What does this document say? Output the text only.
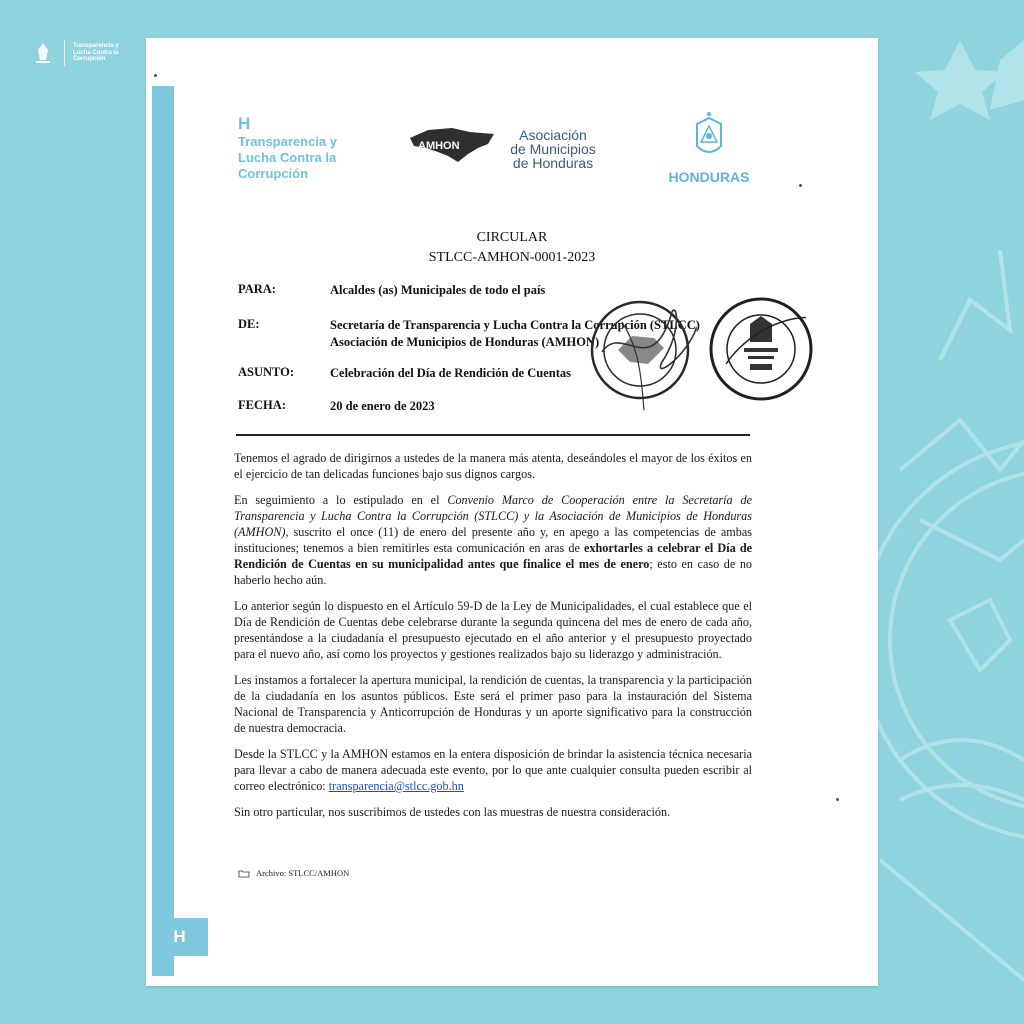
Transparencia y Lucha Contra la Corrupción
H
H
Transparencia y Lucha Contra la Corrupción
AMHON
Asociación
de Municipios
de Honduras
HONDURAS
CIRCULAR
STLCC-AMHON-0001-2023
PARA:	Alcaldes (as) Municipales de todo el país
DE:	Secretaría de Transparencia y Lucha Contra la Corrupción (STLCC)
Asociación de Municipios de Honduras (AMHON)
ASUNTO:	Celebración del Día de Rendición de Cuentas
FECHA:	20 de enero de 2023

Tenemos el agrado de dirigirnos a ustedes de la manera más atenta, deseándoles el mayor de los éxitos en el ejercicio de tan delicadas funciones bajo sus dignos cargos.

En seguimiento a lo estipulado en el Convenio Marco de Cooperación entre la Secretaría de Transparencia y Lucha Contra la Corrupción (STLCC) y la Asociación de Municipios de Honduras (AMHON), suscrito el once (11) de enero del presente año y, en apego a las competencias de ambas instituciones; tenemos a bien remitirles esta comunicación en aras de exhortarles a celebrar el Día de Rendición de Cuentas en su municipalidad antes que finalice el mes de enero; esto en caso de no haberlo hecho aún.

Lo anterior según lo dispuesto en el Artículo 59-D de la Ley de Municipalidades, el cual establece que el Día de Rendición de Cuentas debe celebrarse durante la segunda quincena del mes de enero de cada año, presentándose a la ciudadanía el presupuesto ejecutado en el año anterior y el presupuesto proyectado para el nuevo año, así como los proyectos y gestiones realizados bajo su liderazgo y administración.

Les instamos a fortalecer la apertura municipal, la rendición de cuentas, la transparencia y la participación de la ciudadanía en los asuntos públicos. Este será el primer paso para la instauración del Sistema Nacional de Transparencia y Anticorrupción de Honduras y un aporte significativo para la construcción de nuestra democracia.

Desde la STLCC y la AMHON estamos en la entera disposición de brindar la asistencia técnica necesaria para llevar a cabo de manera adecuada este evento, por lo que ante cualquier consulta pueden escribir al correo electrónico: transparencia@stlcc.gob.hn

Sin otro particular, nos suscribimos de ustedes con las muestras de nuestra consideración.

Archivo: STLCC/AMHON
